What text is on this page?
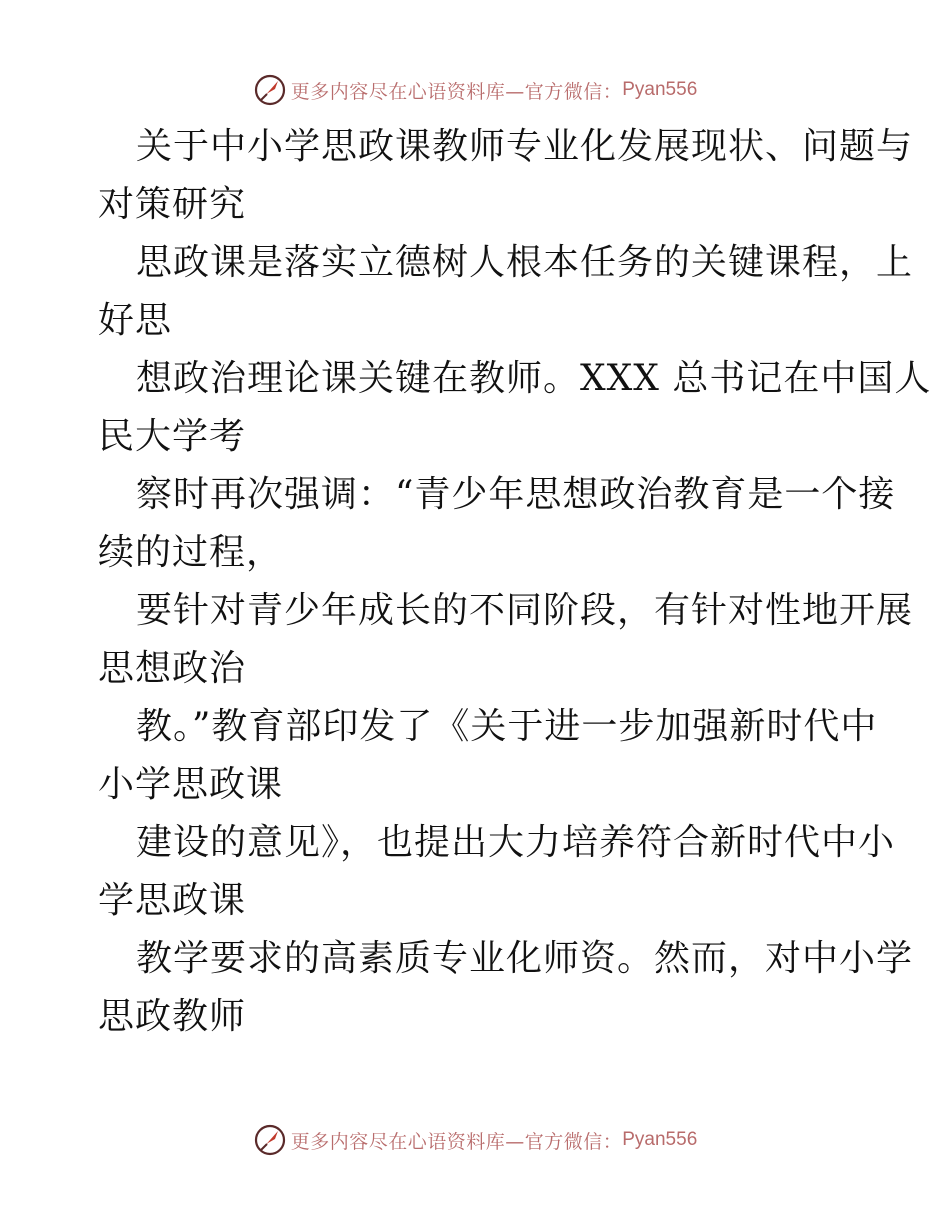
更多内容尽在心语资料库—官方微信： Pyan556
关于中小学思政课教师专业化发展现状、问题与
对策研究
思政课是落实立德树人根本任务的关键课程，上
好思
想政治理论课关键在教师。XXX 总书记在中国人
民大学考
察时再次强调：“青少年思想政治教育是一个接
续的过程，
要针对青少年成长的不同阶段，有针对性地开展
思想政治
教。”教育部印发了《关于进一步加强新时代中
小学思政课
建设的意见》，也提出大力培养符合新时代中小
学思政课
教学要求的高素质专业化师资。然而，对中小学
思政教师
更多内容尽在心语资料库—官方微信： Pyan556
